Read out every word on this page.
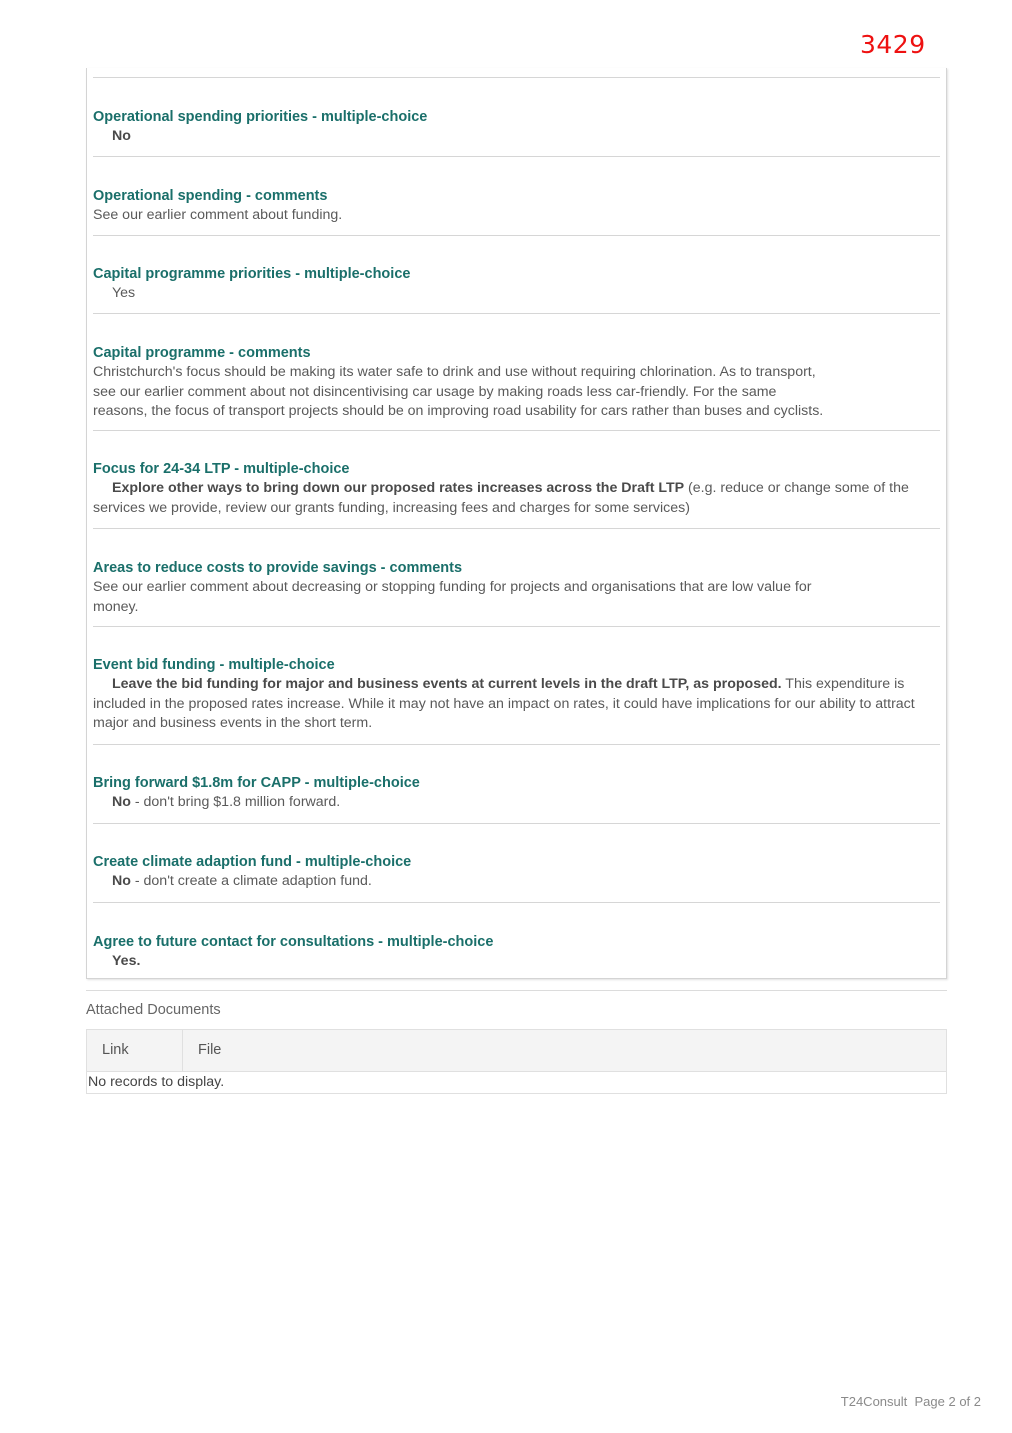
3429
Operational spending priorities - multiple-choice
No
Operational spending - comments
See our earlier comment about funding.
Capital programme priorities - multiple-choice
Yes
Capital programme - comments
Christchurch's focus should be making its water safe to drink and use without requiring chlorination. As to transport,
see our earlier comment about not disincentivising car usage by making roads less car-friendly. For the same
reasons, the focus of transport projects should be on improving road usability for cars rather than buses and cyclists.
Focus for 24-34 LTP - multiple-choice
Explore other ways to bring down our proposed rates increases across the Draft LTP (e.g. reduce or change some of the services we provide, review our grants funding, increasing fees and charges for some services)
Areas to reduce costs to provide savings - comments
See our earlier comment about decreasing or stopping funding for projects and organisations that are low value for
money.
Event bid funding - multiple-choice
Leave the bid funding for major and business events at current levels in the draft LTP, as proposed. This expenditure is included in the proposed rates increase. While it may not have an impact on rates, it could have implications for our ability to attract major and business events in the short term.
Bring forward $1.8m for CAPP - multiple-choice
No - don't bring $1.8 million forward.
Create climate adaption fund - multiple-choice
No - don't create a climate adaption fund.
Agree to future contact for consultations - multiple-choice
Yes.
Attached Documents
Link	File
No records to display.
T24Consult Page 2 of 2
